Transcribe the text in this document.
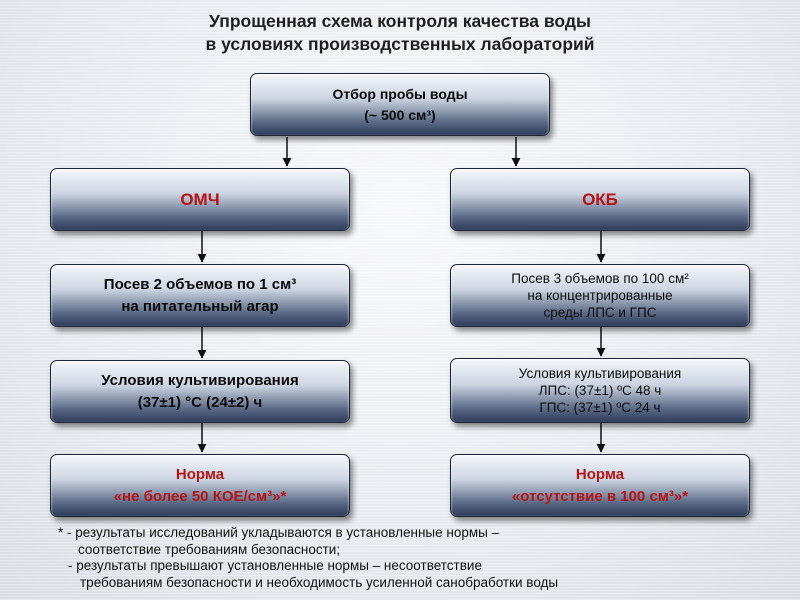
Упрощенная схема контроля качества воды
в условиях производственных лабораторий
Отбор пробы воды
(~ 500 см³)
ОМЧ
Посев 2 объемов по 1 см³
на питательный агар
Условия культивирования
(37±1) °С (24±2) ч
Норма
«не более 50 КОЕ/см³»*
ОКБ
Посев 3 объемов по 100 см²
на концентрированные
среды ЛПС и ГПС
Условия культивирования
ЛПС: (37±1) ºС 48 ч
ГПС: (37±1) ºС 24 ч
Норма
«отсутствие в 100 см³»*
* - результаты исследований укладываются в установленные нормы –
соответствие требованиям безопасности;
- результаты превышают установленные нормы – несоответствие
требованиям безопасности и необходимость усиленной санобработки воды
